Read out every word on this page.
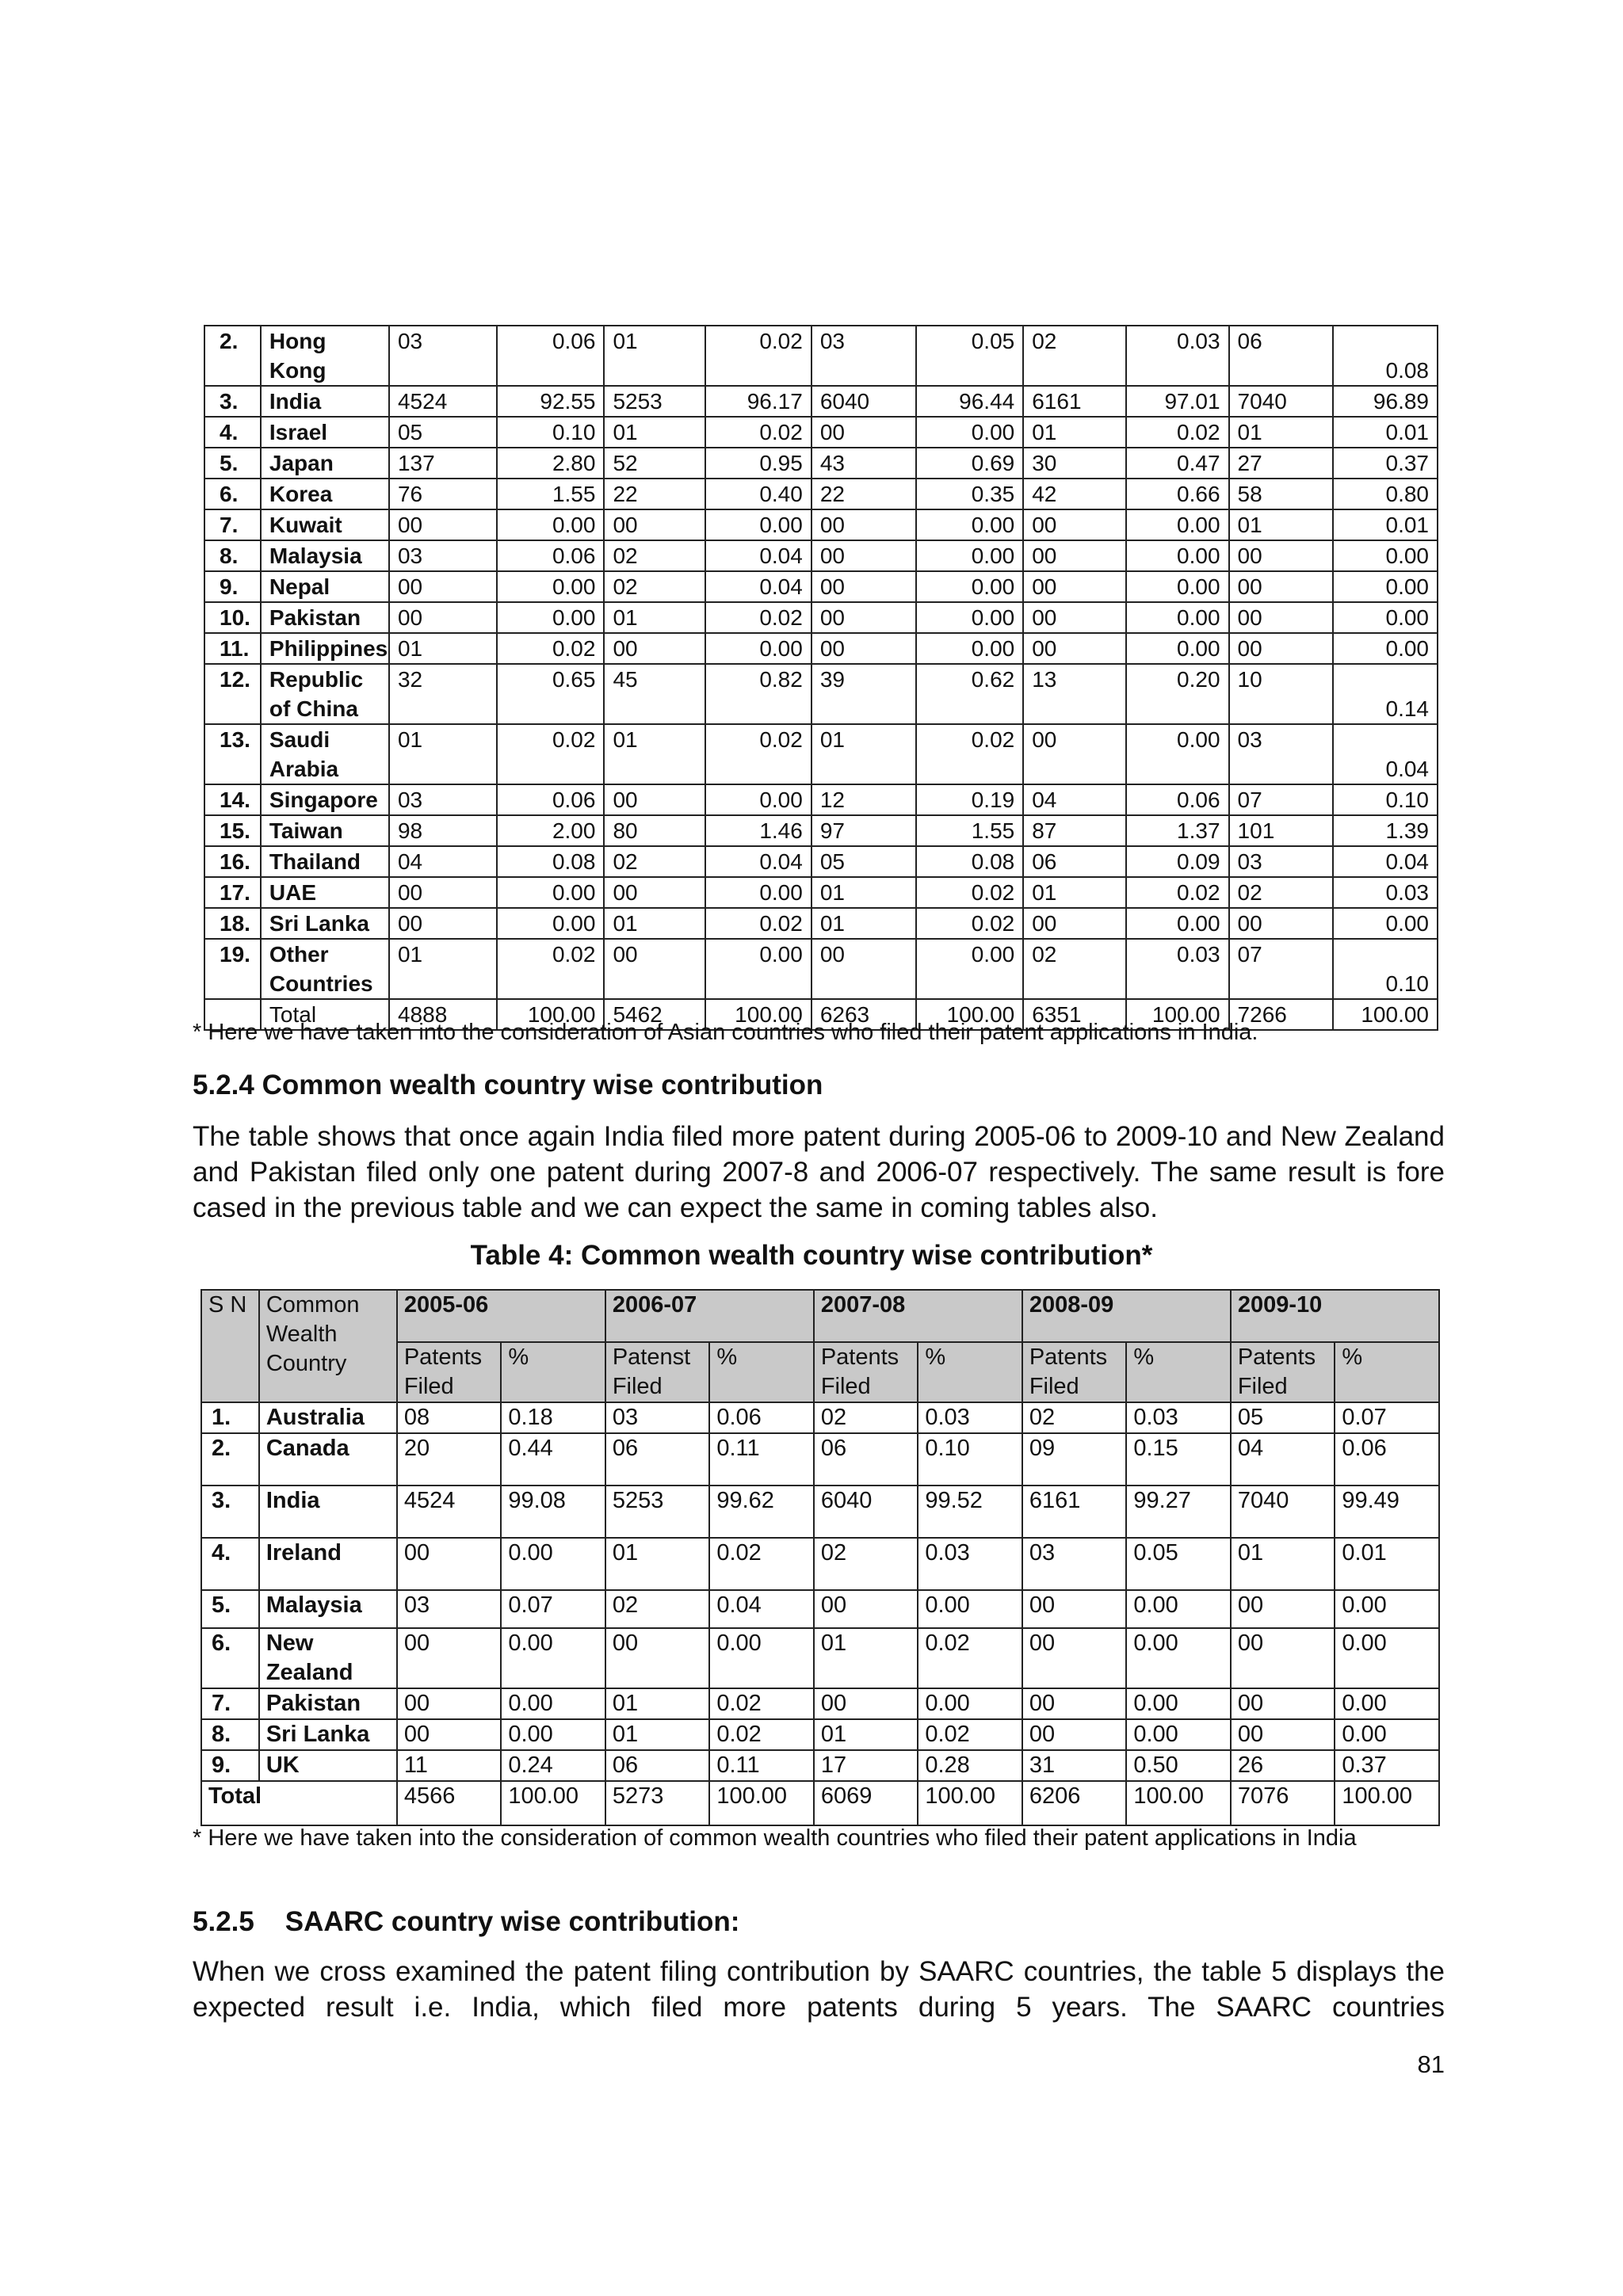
2.	Hong Kong	03	0.06	01	0.02	03	0.05	02	0.03	06	0.08
3.	India	4524	92.55	5253	96.17	6040	96.44	6161	97.01	7040	96.89
4.	Israel	05	0.10	01	0.02	00	0.00	01	0.02	01	0.01
5.	Japan	137	2.80	52	0.95	43	0.69	30	0.47	27	0.37
6.	Korea	76	1.55	22	0.40	22	0.35	42	0.66	58	0.80
7.	Kuwait	00	0.00	00	0.00	00	0.00	00	0.00	01	0.01
8.	Malaysia	03	0.06	02	0.04	00	0.00	00	0.00	00	0.00
9.	Nepal	00	0.00	02	0.04	00	0.00	00	0.00	00	0.00
10.	Pakistan	00	0.00	01	0.02	00	0.00	00	0.00	00	0.00
11.	Philippines	01	0.02	00	0.00	00	0.00	00	0.00	00	0.00
12.	Republic of China	32	0.65	45	0.82	39	0.62	13	0.20	10	0.14
13.	Saudi Arabia	01	0.02	01	0.02	01	0.02	00	0.00	03	0.04
14.	Singapore	03	0.06	00	0.00	12	0.19	04	0.06	07	0.10
15.	Taiwan	98	2.00	80	1.46	97	1.55	87	1.37	101	1.39
16.	Thailand	04	0.08	02	0.04	05	0.08	06	0.09	03	0.04
17.	UAE	00	0.00	00	0.00	01	0.02	01	0.02	02	0.03
18.	Sri Lanka	00	0.00	01	0.02	01	0.02	00	0.00	00	0.00
19.	Other Countries	01	0.02	00	0.00	00	0.00	02	0.03	07	0.10
	Total	4888	100.00	5462	100.00	6263	100.00	6351	100.00	7266	100.00
* Here we have taken into the consideration of Asian countries who filed their patent applications in India.
5.2.4 Common wealth country wise contribution
The table shows that once again India filed more patent during 2005-06 to 2009-10 and New Zealand and Pakistan filed only one patent during 2007-8 and 2006-07 respectively. The same result is fore cased in the previous table and we can expect the same in coming tables also.
Table 4: Common wealth country wise contribution*
S N	Common Wealth Country	2005-06		2006-07		2007-08		2008-09		2009-10	
		Patents Filed	%	Patenst Filed	%	Patents Filed	%	Patents Filed	%	Patents Filed	%
1.	Australia	08	0.18	03	0.06	02	0.03	02	0.03	05	0.07
2.	Canada	20	0.44	06	0.11	06	0.10	09	0.15	04	0.06
3.	India	4524	99.08	5253	99.62	6040	99.52	6161	99.27	7040	99.49
4.	Ireland	00	0.00	01	0.02	02	0.03	03	0.05	01	0.01
5.	Malaysia	03	0.07	02	0.04	00	0.00	00	0.00	00	0.00
6.	New Zealand	00	0.00	00	0.00	01	0.02	00	0.00	00	0.00
7.	Pakistan	00	0.00	01	0.02	00	0.00	00	0.00	00	0.00
8.	Sri Lanka	00	0.00	01	0.02	01	0.02	00	0.00	00	0.00
9.	UK	11	0.24	06	0.11	17	0.28	31	0.50	26	0.37
Total		4566	100.00	5273	100.00	6069	100.00	6206	100.00	7076	100.00
* Here we have taken into the consideration of common wealth countries who filed their patent applications in India
5.2.5    SAARC country wise contribution:
When we cross examined the patent filing contribution by SAARC countries, the table 5 displays the expected result i.e. India, which filed more patents during 5 years. The SAARC countries
81
